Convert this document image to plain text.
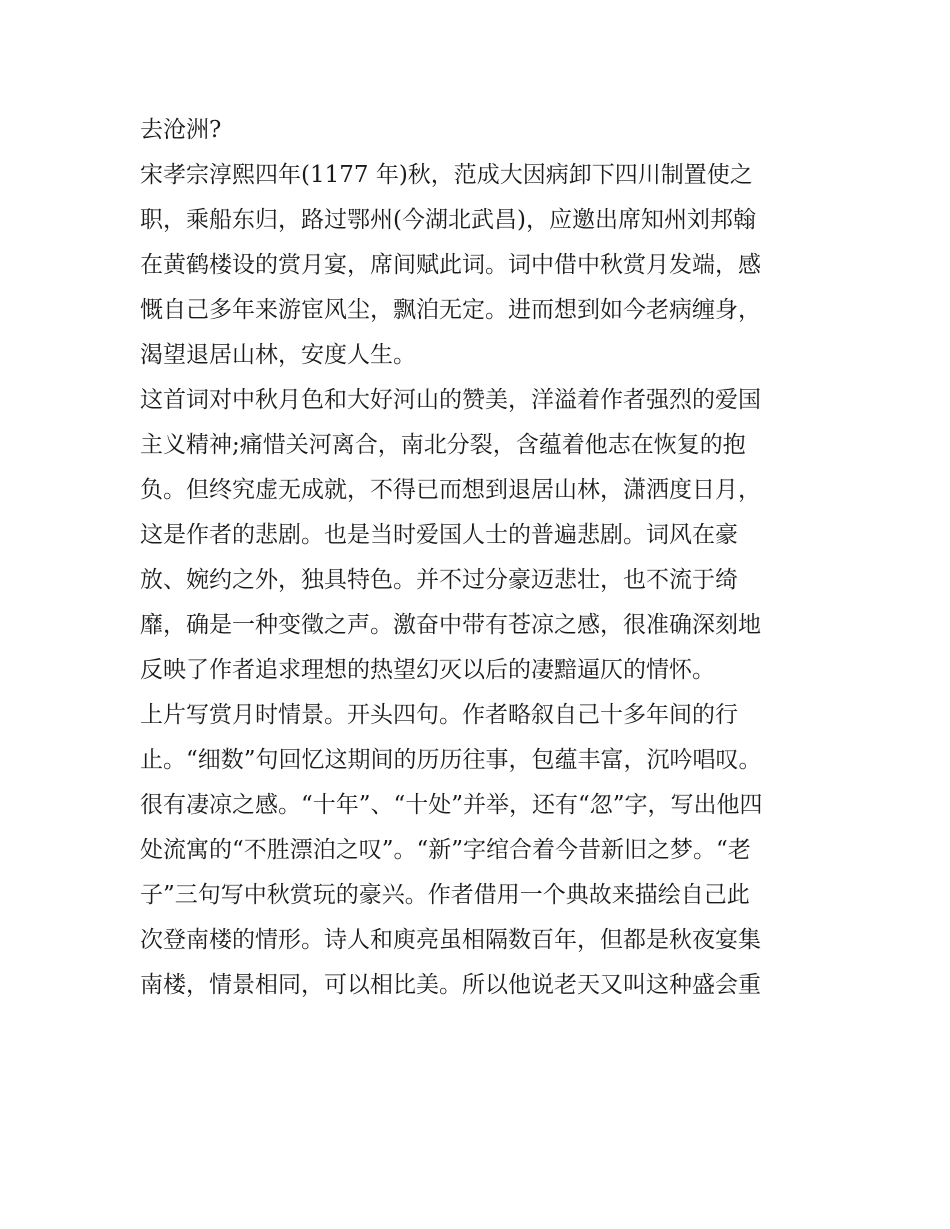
去沧洲?
宋孝宗淳熙四年(1177 年)秋，范成大因病卸下四川制置使之
职，乘船东归，路过鄂州(今湖北武昌)，应邀出席知州刘邦翰
在黄鹤楼设的赏月宴，席间赋此词。词中借中秋赏月发端，感
慨自己多年来游宦风尘，飘泊无定。进而想到如今老病缠身，
渴望退居山林，安度人生。
这首词对中秋月色和大好河山的赞美，洋溢着作者强烈的爱国
主义精神;痛惜关河离合，南北分裂，含蕴着他志在恢复的抱
负。但终究虚无成就，不得已而想到退居山林，潇洒度日月，
这是作者的悲剧。也是当时爱国人士的普遍悲剧。词风在豪
放、婉约之外，独具特色。并不过分豪迈悲壮，也不流于绮
靡，确是一种变徵之声。激奋中带有苍凉之感，很准确深刻地
反映了作者追求理想的热望幻灭以后的凄黯逼仄的情怀。
上片写赏月时情景。开头四句。作者略叙自己十多年间的行
止。“细数”句回忆这期间的历历往事，包蕴丰富，沉吟唱叹。
很有凄凉之感。“十年”、“十处”并举，还有“忽”字，写出他四
处流寓的“不胜漂泊之叹”。“新”字绾合着今昔新旧之梦。“老
子”三句写中秋赏玩的豪兴。作者借用一个典故来描绘自己此
次登南楼的情形。诗人和庾亮虽相隔数百年，但都是秋夜宴集
南楼，情景相同，可以相比美。所以他说老天又叫这种盛会重
